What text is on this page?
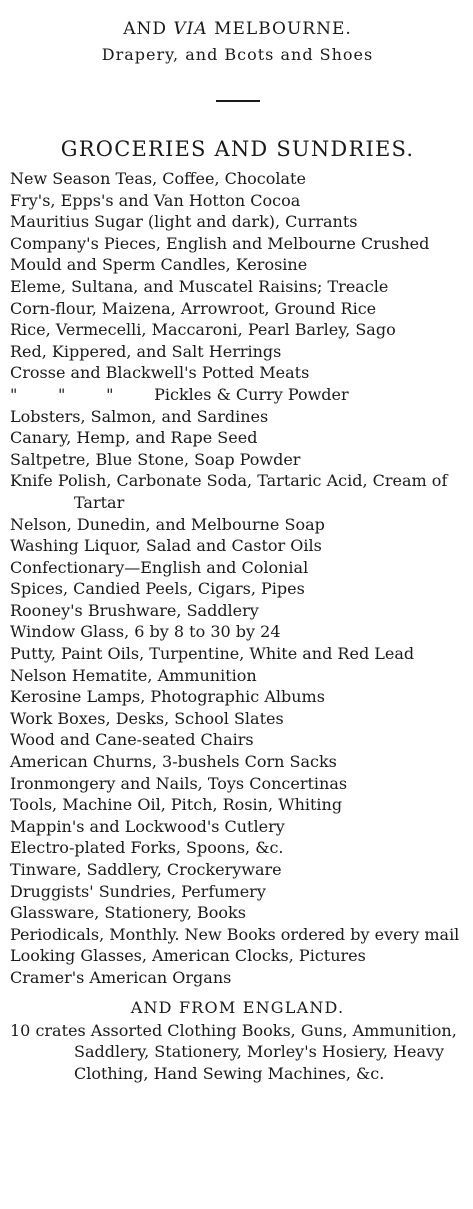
AND VIA MELBOURNE.
Drapery, and Bcots and Shoes
GROCERIES AND SUNDRIES.
New Season Teas, Coffee, Chocolate
Fry's, Epps's and Van Hotton Cocoa
Mauritius Sugar (light and dark), Currants
Company's Pieces, English and Melbourne Crushed
Mould and Sperm Candles, Kerosine
Eleme, Sultana, and Muscatel Raisins; Treacle
Corn-flour, Maizena, Arrowroot, Ground Rice
Rice, Vermecelli, Maccaroni, Pearl Barley, Sago
Red, Kippered, and Salt Herrings
Crosse and Blackwell's Potted Meats
"        "        "        Pickles & Curry Powder
Lobsters, Salmon, and Sardines
Canary, Hemp, and Rape Seed
Saltpetre, Blue Stone, Soap Powder
Knife Polish, Carbonate Soda, Tartaric Acid, Cream of Tartar
Nelson, Dunedin, and Melbourne Soap
Washing Liquor, Salad and Castor Oils
Confectionary—English and Colonial
Spices, Candied Peels, Cigars, Pipes
Rooney's Brushware, Saddlery
Window Glass, 6 by 8 to 30 by 24
Putty, Paint Oils, Turpentine, White and Red Lead
Nelson Hematite, Ammunition
Kerosine Lamps, Photographic Albums
Work Boxes, Desks, School Slates
Wood and Cane-seated Chairs
American Churns, 3-bushels Corn Sacks
Ironmongery and Nails, Toys Concertinas
Tools, Machine Oil, Pitch, Rosin, Whiting
Mappin's and Lockwood's Cutlery
Electro-plated Forks, Spoons, &c.
Tinware, Saddlery, Crockeryware
Druggists' Sundries, Perfumery
Glassware, Stationery, Books
Periodicals, Monthly. New Books ordered by every mail
Looking Glasses, American Clocks, Pictures
Cramer's American Organs
AND FROM ENGLAND.
10 crates Assorted Clothing Books, Guns, Ammunition, Saddlery, Stationery, Morley's Hosiery, Heavy Clothing, Hand Sewing Machines, &c.
